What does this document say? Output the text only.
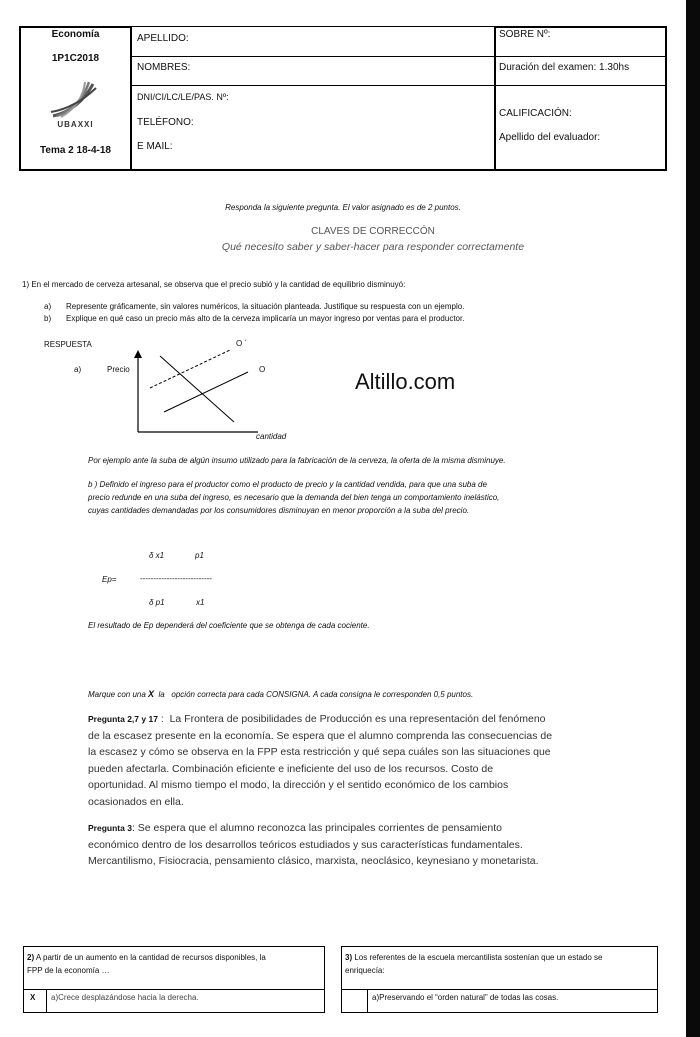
Economía
1P1C2018
UBAXXI
Tema 2 18-4-18
APELLIDO:
NOMBRES:
DNI/CI/LC/LE/PAS. Nº:
TELÉFONO:
E MAIL:
SOBRE Nº:
Duración del examen: 1.30hs
CALIFICACIÓN:
Apellido del evaluador:
Responda la siguiente pregunta. El valor asignado es de 2 puntos.
CLAVES DE CORRECCÓN
Qué necesito saber y saber-hacer para responder correctamente
1) En el mercado de cerveza artesanal, se observa que el precio subió y la cantidad de equilibrio disminuyó:
a) Represente gráficamente, sin valores numéricos, la situación planteada. Justifique su respuesta con un ejemplo.
b) Explique en qué caso un precio más alto de la cerveza implicaría un mayor ingreso por ventas para el productor.
RESPUESTA
a)	Precio
O ´
O
cantidad
Altillo.com
Por ejemplo ante la suba de algún insumo utilizado para la fabricación de la cerveza, la oferta de la misma disminuye.
b ) Definido el ingreso para el productor como el producto de precio y la cantidad vendida, para que una suba de
precio redunde en una suba del ingreso, es necesario que la demanda del bien tenga un comportamiento inelástico,
cuyas cantidades demandadas por los consumidores disminuyan en menor proporción a la suba del precio.
δ x1	p1
Ep=	---------------------------
δ p1	x1
El resultado de Ep dependerá del coeficiente que se obtenga de cada cociente.
Marque con una X  la   opción correcta para cada CONSIGNA. A cada consigna le corresponden 0,5 puntos.
Pregunta 2,7 y 17 :  La Frontera de posibilidades de Producción es una representación del fenómeno
de la escasez presente en la economía. Se espera que el alumno comprenda las consecuencias de
la escasez y cómo se observa en la FPP esta restricción y qué sepa cuáles son las situaciones que
pueden afectarla. Combinación eficiente e ineficiente del uso de los recursos. Costo de
oportunidad. Al mismo tiempo el modo, la dirección y el sentido económico de los cambios
ocasionados en ella.
Pregunta 3: Se espera que el alumno reconozca las principales corrientes de pensamiento
económico dentro de los desarrollos teóricos estudiados y sus características fundamentales.
Mercantilismo, Fisiocracia, pensamiento clásico, marxista, neoclásico, keynesiano y monetarista.
2) A partir de un aumento en la cantidad de recursos disponibles, la
FPP de la economía …
X a)Crece desplazándose hacia la derecha.
3) Los referentes de la escuela mercantilista sostenían que un estado se
enriquecía:
a)Preservando el “orden natural” de todas las cosas.
